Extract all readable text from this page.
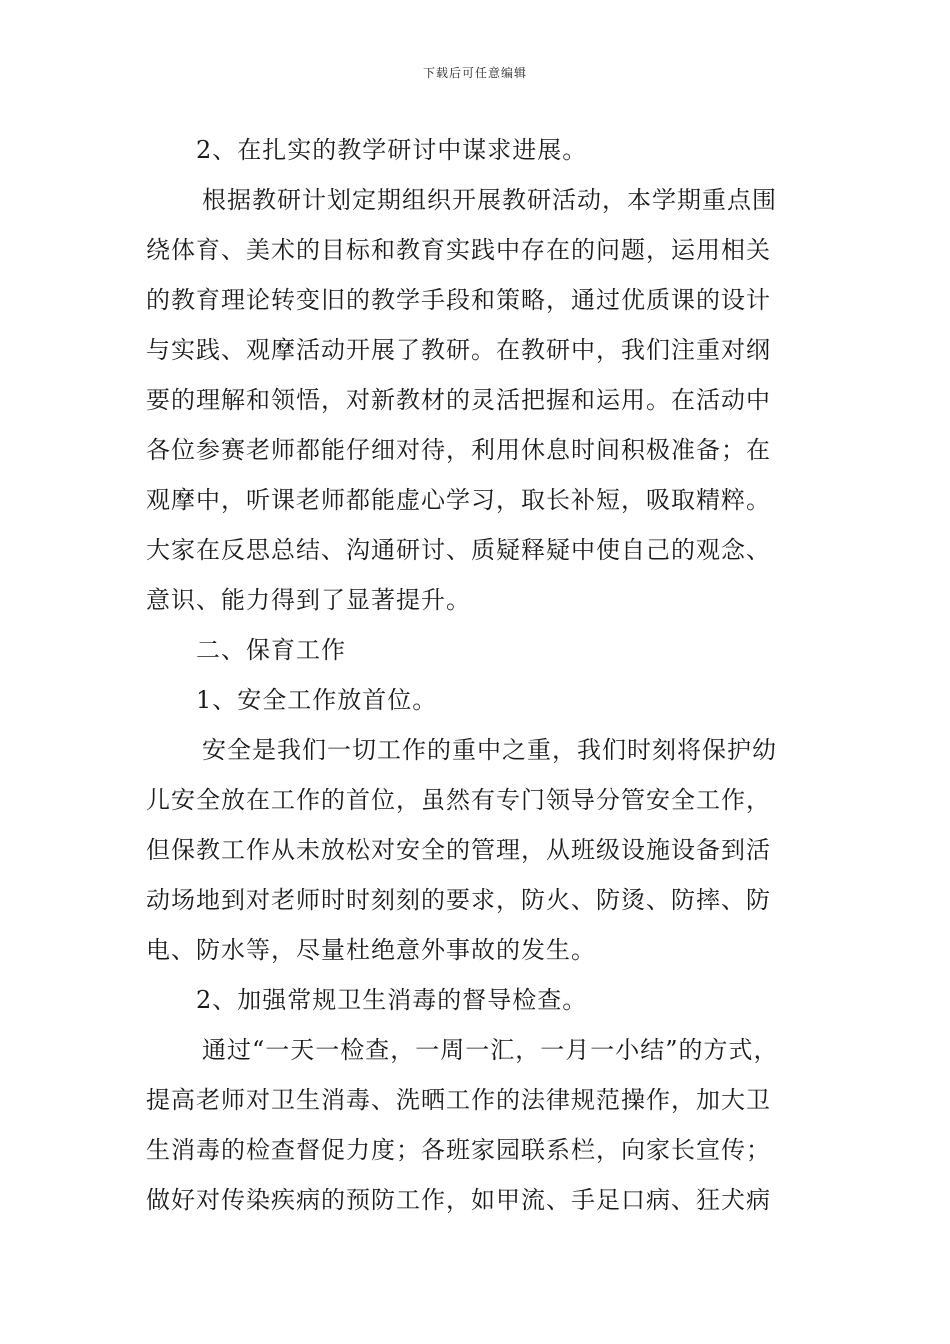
下载后可任意编辑
2、在扎实的教学研讨中谋求进展。
根据教研计划定期组织开展教研活动，本学期重点围
绕体育、美术的目标和教育实践中存在的问题，运用相关
的教育理论转变旧的教学手段和策略，通过优质课的设计
与实践、观摩活动开展了教研。在教研中，我们注重对纲
要的理解和领悟，对新教材的灵活把握和运用。在活动中
各位参赛老师都能仔细对待，利用休息时间积极准备；在
观摩中，听课老师都能虚心学习，取长补短，吸取精粹。
大家在反思总结、沟通研讨、质疑释疑中使自己的观念、
意识、能力得到了显著提升。
二、保育工作
1、安全工作放首位。
安全是我们一切工作的重中之重，我们时刻将保护幼
儿安全放在工作的首位，虽然有专门领导分管安全工作，
但保教工作从未放松对安全的管理，从班级设施设备到活
动场地到对老师时时刻刻的要求，防火、防烫、防摔、防
电、防水等，尽量杜绝意外事故的发生。
2、加强常规卫生消毒的督导检查。
通过“一天一检查，一周一汇，一月一小结”的方式，
提高老师对卫生消毒、洗晒工作的法律规范操作，加大卫
生消毒的检查督促力度；各班家园联系栏，向家长宣传；
做好对传染疾病的预防工作，如甲流、手足口病、狂犬病
